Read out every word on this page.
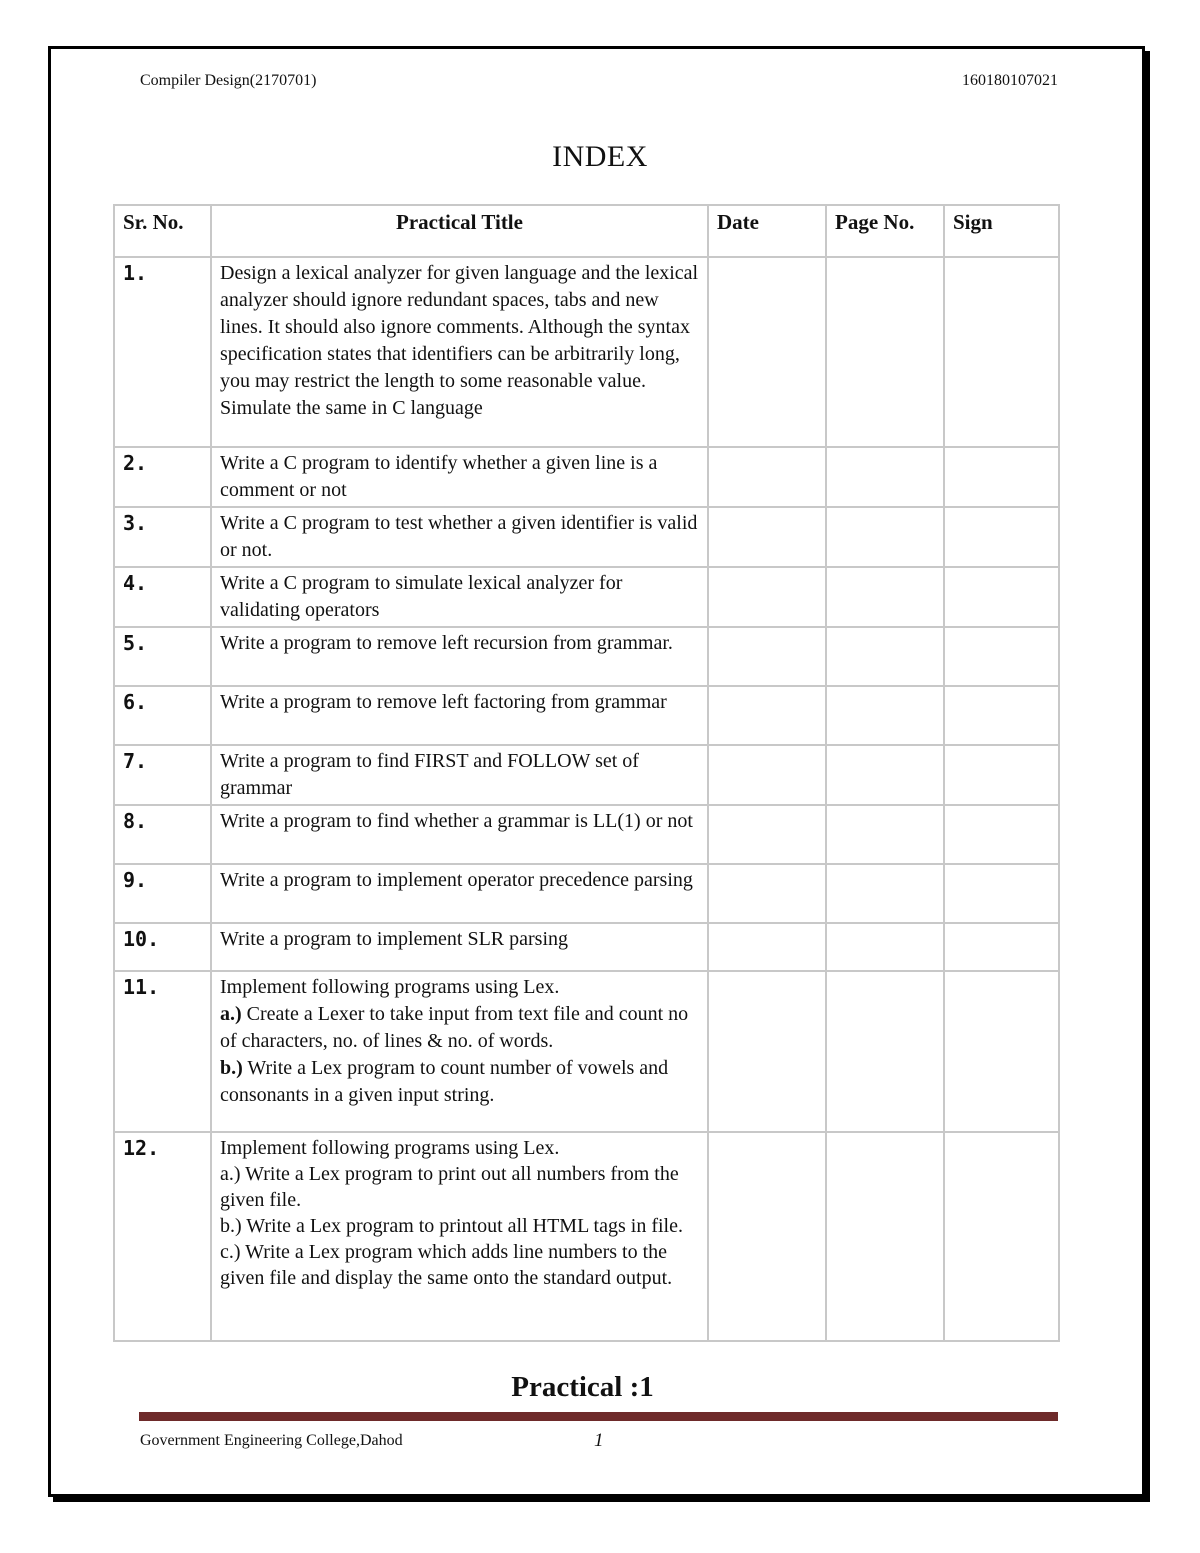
Compiler Design(2170701)	160180107021
INDEX
Sr. No.	Practical Title	Date	Page No.	Sign
1.	Design a lexical analyzer for given language and the lexical analyzer should ignore redundant spaces, tabs and new lines. It should also ignore comments. Although the syntax specification states that identifiers can be arbitrarily long, you may restrict the length to some reasonable value. Simulate the same in C language			
2.	Write a C program to identify whether a given line is a comment or not			
3.	Write a C program to test whether a given identifier is valid or not.			
4.	Write a C program to simulate lexical analyzer for validating operators			
5.	Write a program to remove left recursion from grammar.			
6.	Write a program to remove left factoring from grammar			
7.	Write a program to find FIRST and FOLLOW set of grammar			
8.	Write a program to find whether a grammar is LL(1) or not			
9.	Write a program to implement operator precedence parsing			
10.	Write a program to implement SLR parsing			
11.	Implement following programs using Lex.
a.) Create a Lexer to take input from text file and count no of characters, no. of lines & no. of words.
b.) Write a Lex program to count number of vowels and consonants in a given input string.			

12.	Implement following programs using Lex.
a.) Write a Lex program to print out all numbers from the given file.
b.) Write a Lex program to printout all HTML tags in file.
c.) Write a Lex program which adds line numbers to the given file and display the same onto the standard output.			

Practical :1
Government Engineering College,Dahod	1
